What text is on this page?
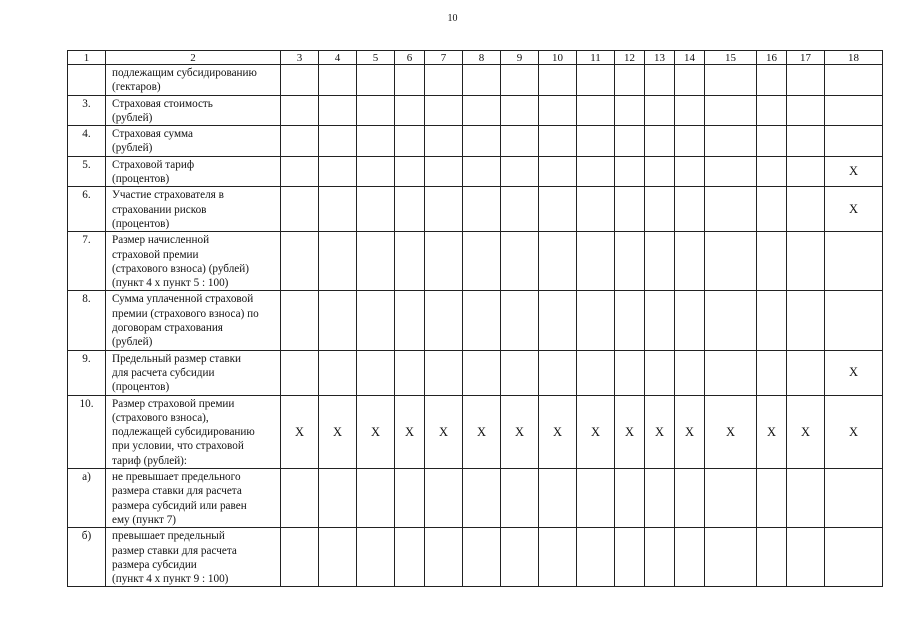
10
1	2	3	4	5	6	7	8	9	10	11	12	13	14	15	16	17	18
	подлежащим субсидированию
(гектаров)																
3.	Страховая стоимость
(рублей)																
4.	Страховая сумма
(рублей)																
5.	Страховой тариф
(процентов)																X
6.	Участие страхователя в
страховании рисков
(процентов)																X
7.	Размер начисленной
страховой премии
(страхового взноса) (рублей)
(пункт 4 х пункт 5 : 100)																
8.	Сумма уплаченной страховой
премии (страхового взноса) по
договорам страхования
(рублей)																
9.	Предельный размер ставки
для расчета субсидии
(процентов)																X
10.	Размер страховой премии
(страхового взноса),
подлежащей субсидированию
при условии, что страховой
тариф (рублей):	X	X	X	X	X	X	X	X	X	X	X	X	X	X	X	X
а)	не превышает предельного
размера ставки для расчета
размера субсидий или равен
ему (пункт 7)																
б)	превышает предельный
размер ставки для расчета
размера субсидии
(пункт 4 х пункт 9 : 100)																
